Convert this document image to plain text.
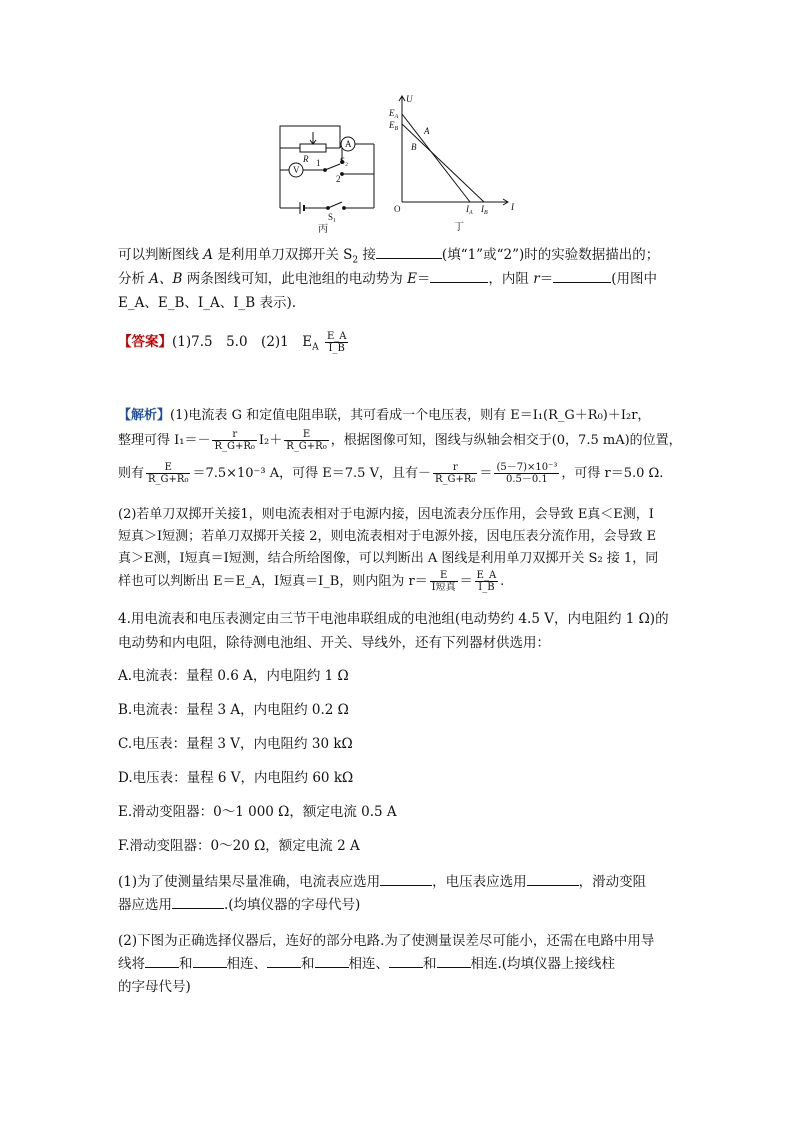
A
V
R 1
2
S₂
S₁
丙
U
I
O
$E_A$
$E_B$	A
B
$I_A$ $I_B$
丁
可以判断图线 A 是利用单刀双掷开关 $S_2$ 接	(填“1”或“2”)时的实验数据描出的；
分析 A、B 两条图线可知，此电池组的电动势为 E＝	，内阻 r＝	(用图中
E_A、E_B、I_A、I_B 表示).
【答案】(1)7.5　5.0　(2)1　$E_A \frac{E\_A}{I\_B}$
【解析】(1)电流表 G 和定值电阻串联，其可看成一个电压表，则有 E＝I₁(R_G＋R₀)＋I₂r，
整理可得 $I_1=- \frac{r}{\text{R\_G+R₀}} I_2+ \frac{E}{\text{R\_G+R₀}}$ ，根据图像可知，图线与纵轴会相交于(0，7.5 mA)的位置，
则有 $\frac{E}{\text{R\_G+R₀}} =7.5\times 10^{-3}$ A，可得 E＝7.5 V，且有－ $\frac{r}{\text{R\_G+R₀}} = \frac{\text{(5－7)×10⁻³}}{0.5-0.1}$ ，可得 r＝5.0 Ω.
(2)若单刀双掷开关接1，则电流表相对于电源内接，因电流表分压作用，会导致 E真＜E测，I
短真＞I短测；若单刀双掷开关接 2，则电流表相对于电源外接，因电压表分流作用，会导致 E
真＞E测，I短真＝I短测，结合所给图像，可以判断出 A 图线是利用单刀双掷开关 S₂ 接 1，同
样也可以判断出 E＝E_A，I短真＝I_B，则内阻为 $r= \frac{E}{\text{I短真}} = \frac{E\_A}{I\_B}$ .
4.用电流表和电压表测定由三节干电池串联组成的电池组(电动势约 4.5 V，内电阻约 1 Ω)的
电动势和内电阻，除待测电池组、开关、导线外，还有下列器材供选用：
A.电流表：量程 0.6 A，内电阻约 1 Ω
B.电流表：量程 3 A，内电阻约 0.2 Ω
C.电压表：量程 3 V，内电阻约 30 kΩ
D.电压表：量程 6 V，内电阻约 60 kΩ
E.滑动变阻器：0～1 000 Ω，额定电流 0.5 A
F.滑动变阻器：0～20 Ω，额定电流 2 A
(1)为了使测量结果尽量准确，电流表应选用	，电压表应选用	，滑动变阻
器应选用	.(均填仪器的字母代号)
(2)下图为正确选择仪器后，连好的部分电路.为了使测量误差尽可能小，还需在电路中用导
线将	和	相连、	和	相连、	和	相连.(均填仪器上接线柱
的字母代号)
